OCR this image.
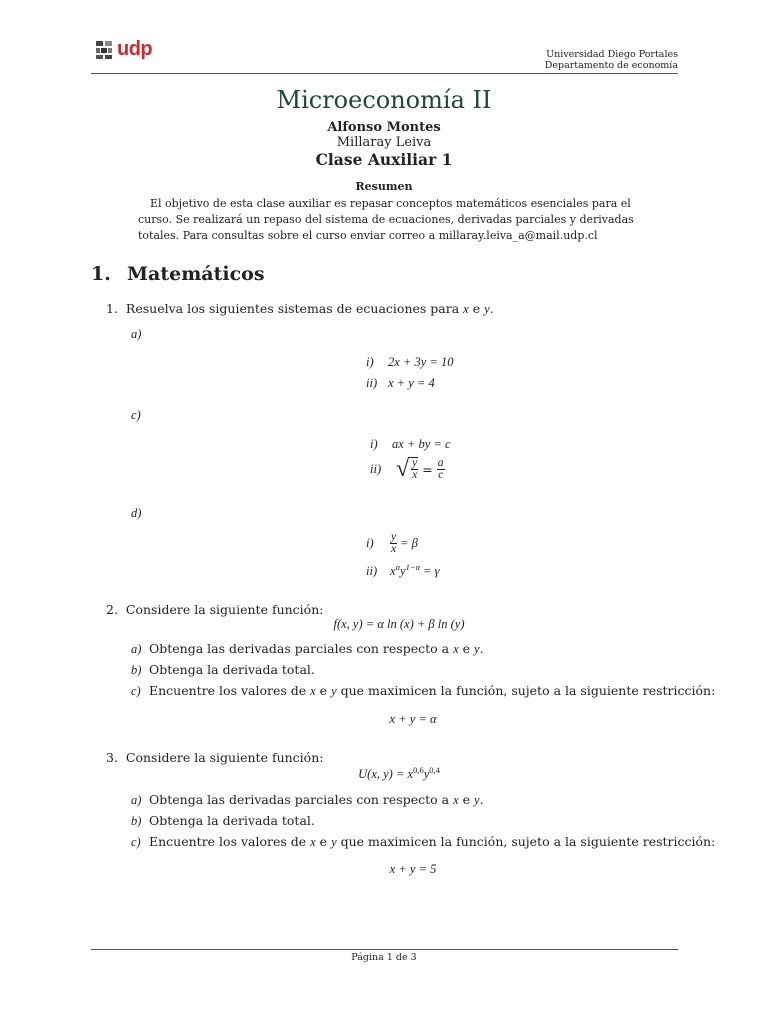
udp	Universidad Diego Portales
Departamento de economía
Microeconomía II
Alfonso Montes
Millaray Leiva
Clase Auxiliar 1
Resumen
El objetivo de esta clase auxiliar es repasar conceptos matemáticos esenciales para el curso. Se realizará un repaso del sistema de ecuaciones, derivadas parciales y derivadas totales. Para consultas sobre el curso enviar correo a millaray.leiva_a@mail.udp.cl
1. Matemáticos
1. Resuelva los siguientes sistemas de ecuaciones para x e y.
a)
i) 2x + 3y = 10
ii) x + y = 4
c)
i) ax + by = c
ii) √ $\frac{y}{x} = \frac{a}{c}$
d)
i)	$\frac{y}{x} = \beta$
ii) $x^\alpha y^{1-\alpha} = \gamma$
2. Considere la siguiente función:
f(x, y) = α ln (x) + β ln (y)
a) Obtenga las derivadas parciales con respecto a x e y.
b) Obtenga la derivada total.
c) Encuentre los valores de x e y que maximicen la función, sujeto a la siguiente restricción:
x + y = α
3. Considere la siguiente función:
U(x, $y) = x^{0,6}y^{0,4}$
a) Obtenga las derivadas parciales con respecto a x e y.
b) Obtenga la derivada total.
c) Encuentre los valores de x e y que maximicen la función, sujeto a la siguiente restricción:
x + y = 5
Página 1 de 3
